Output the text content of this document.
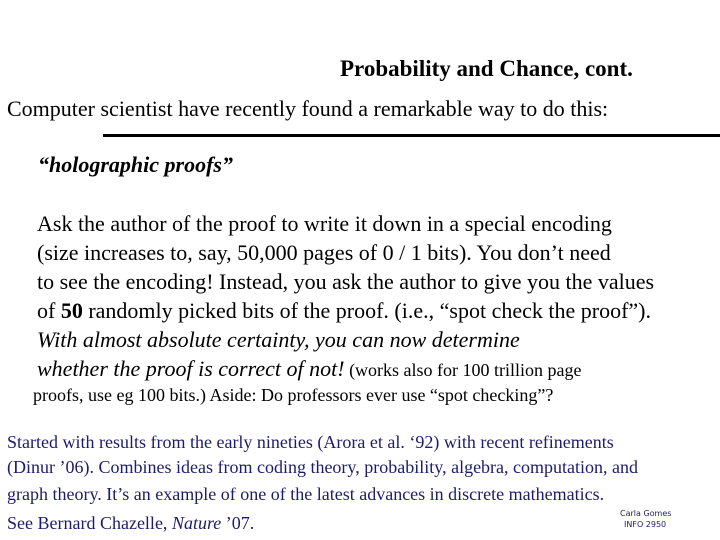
Probability and Chance, cont.
Computer scientist have recently found a remarkable way to do this:
“holographic proofs”
Ask the author of the proof to write it down in a special encoding
(size increases to, say, 50,000 pages of 0 / 1 bits). You don’t need
to see the encoding! Instead, you ask the author to give you the values
of 50 randomly picked bits of the proof. (i.e., “spot check the proof”).
With almost absolute certainty, you can now determine
whether the proof is correct of not! (works also for 100 trillion page
proofs, use eg 100 bits.) Aside: Do professors ever use “spot checking”?
Started with results from the early nineties (Arora et al. ‘92) with recent refinements
(Dinur ’06). Combines ideas from coding theory, probability, algebra, computation, and
graph theory. It’s an example of one of the latest advances in discrete mathematics.
See Bernard Chazelle, Nature ’07.	Carla Gomes
INFO 2950
